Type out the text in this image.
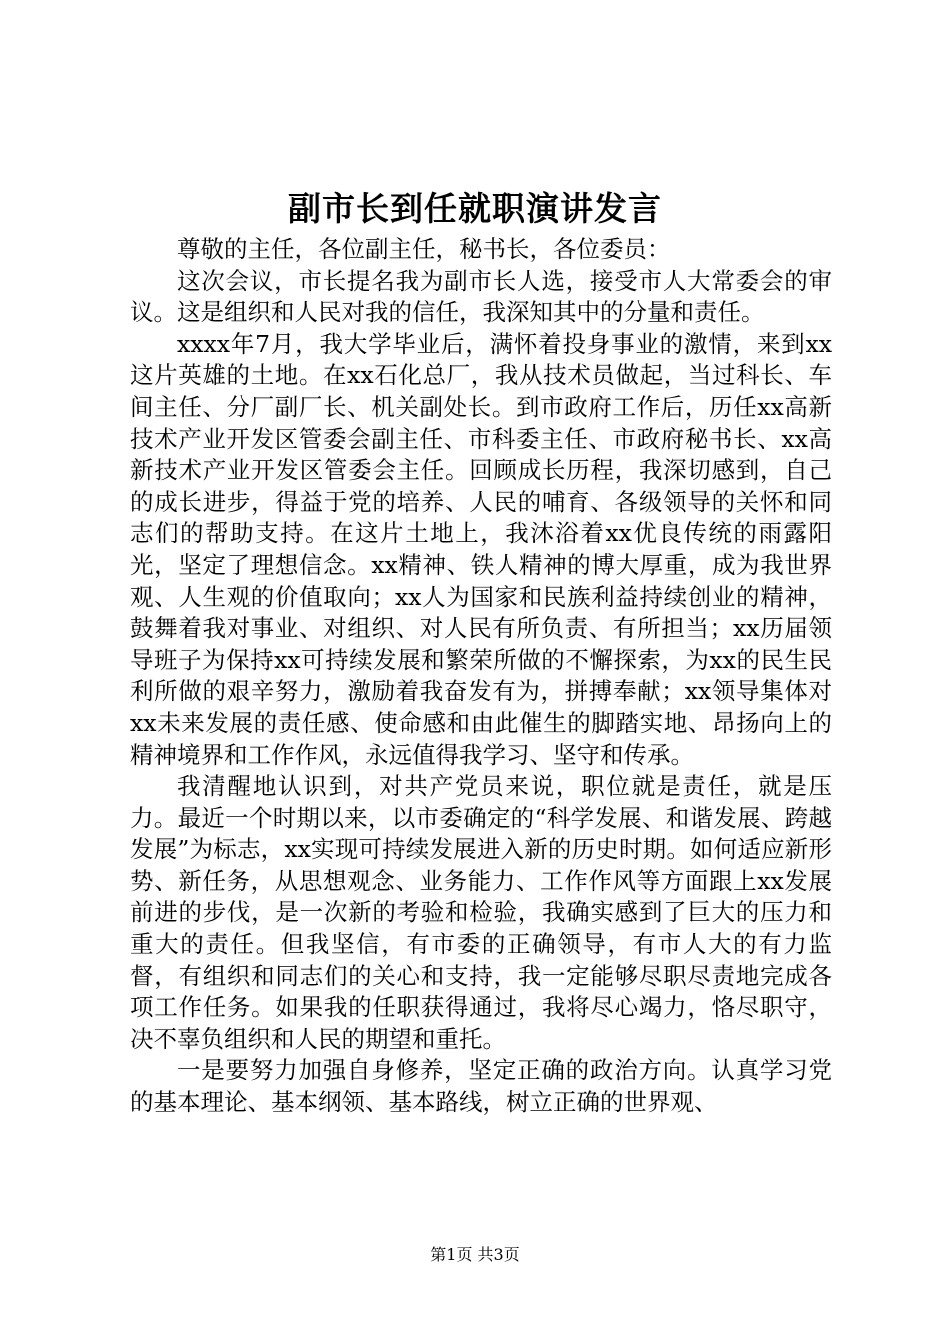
副市长到任就职演讲发言

尊敬的主任，各位副主任，秘书长，各位委员：

这次会议，市长提名我为副市长人选，接受市人大常委会的审议。这是组织和人民对我的信任，我深知其中的分量和责任。

xxxx年7月，我大学毕业后，满怀着投身事业的激情，来到xx这片英雄的土地。在xx石化总厂，我从技术员做起，当过科长、车间主任、分厂副厂长、机关副处长。到市政府工作后，历任xx高新技术产业开发区管委会副主任、市科委主任、市政府秘书长、xx高新技术产业开发区管委会主任。回顾成长历程，我深切感到，自己的成长进步，得益于党的培养、人民的哺育、各级领导的关怀和同志们的帮助支持。在这片土地上，我沐浴着xx优良传统的雨露阳光，坚定了理想信念。xx精神、铁人精神的博大厚重，成为我世界观、人生观的价值取向；xx人为国家和民族利益持续创业的精神，鼓舞着我对事业、对组织、对人民有所负责、有所担当；xx历届领导班子为保持xx可持续发展和繁荣所做的不懈探索，为xx的民生民利所做的艰辛努力，激励着我奋发有为，拼搏奉献；xx领导集体对xx未来发展的责任感、使命感和由此催生的脚踏实地、昂扬向上的精神境界和工作作风，永远值得我学习、坚守和传承。

我清醒地认识到，对共产党员来说，职位就是责任，就是压力。最近一个时期以来，以市委确定的“科学发展、和谐发展、跨越发展”为标志，xx实现可持续发展进入新的历史时期。如何适应新形势、新任务，从思想观念、业务能力、工作作风等方面跟上xx发展前进的步伐，是一次新的考验和检验，我确实感到了巨大的压力和重大的责任。但我坚信，有市委的正确领导，有市人大的有力监督，有组织和同志们的关心和支持，我一定能够尽职尽责地完成各项工作任务。如果我的任职获得通过，我将尽心竭力，恪尽职守，决不辜负组织和人民的期望和重托。

一是要努力加强自身修养，坚定正确的政治方向。认真学习党的基本理论、基本纲领、基本路线，树立正确的世界观、

第1页 共3页
